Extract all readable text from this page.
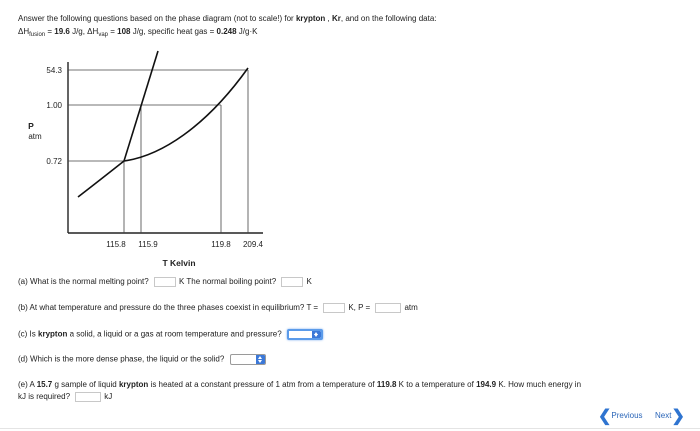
Answer the following questions based on the phase diagram (not to scale!) for krypton , Kr, and on the following data:
$\Delta H_{fusion} = 19.6$ J/g, $\Delta H_{vap} = 108$ J/g, specific heat gas = 0.248 J/g·K
54.3
1.00
0.72
P
atm
115.8 115.9	119.8 209.4
T Kelvin
(a) What is the normal melting point?	K The normal boiling point?	K
(b) At what temperature and pressure do the three phases coexist in equilibrium? T =	K, P =	atm
(c) Is krypton a solid, a liquid or a gas at room temperature and pressure?
(d) Which is the more dense phase, the liquid or the solid?
(e) A 15.7 g sample of liquid krypton is heated at a constant pressure of 1 atm from a temperature of 119.8 K to a temperature of 194.9 K. How much energy in
kJ is required?	kJ
❮Previous Next❯
